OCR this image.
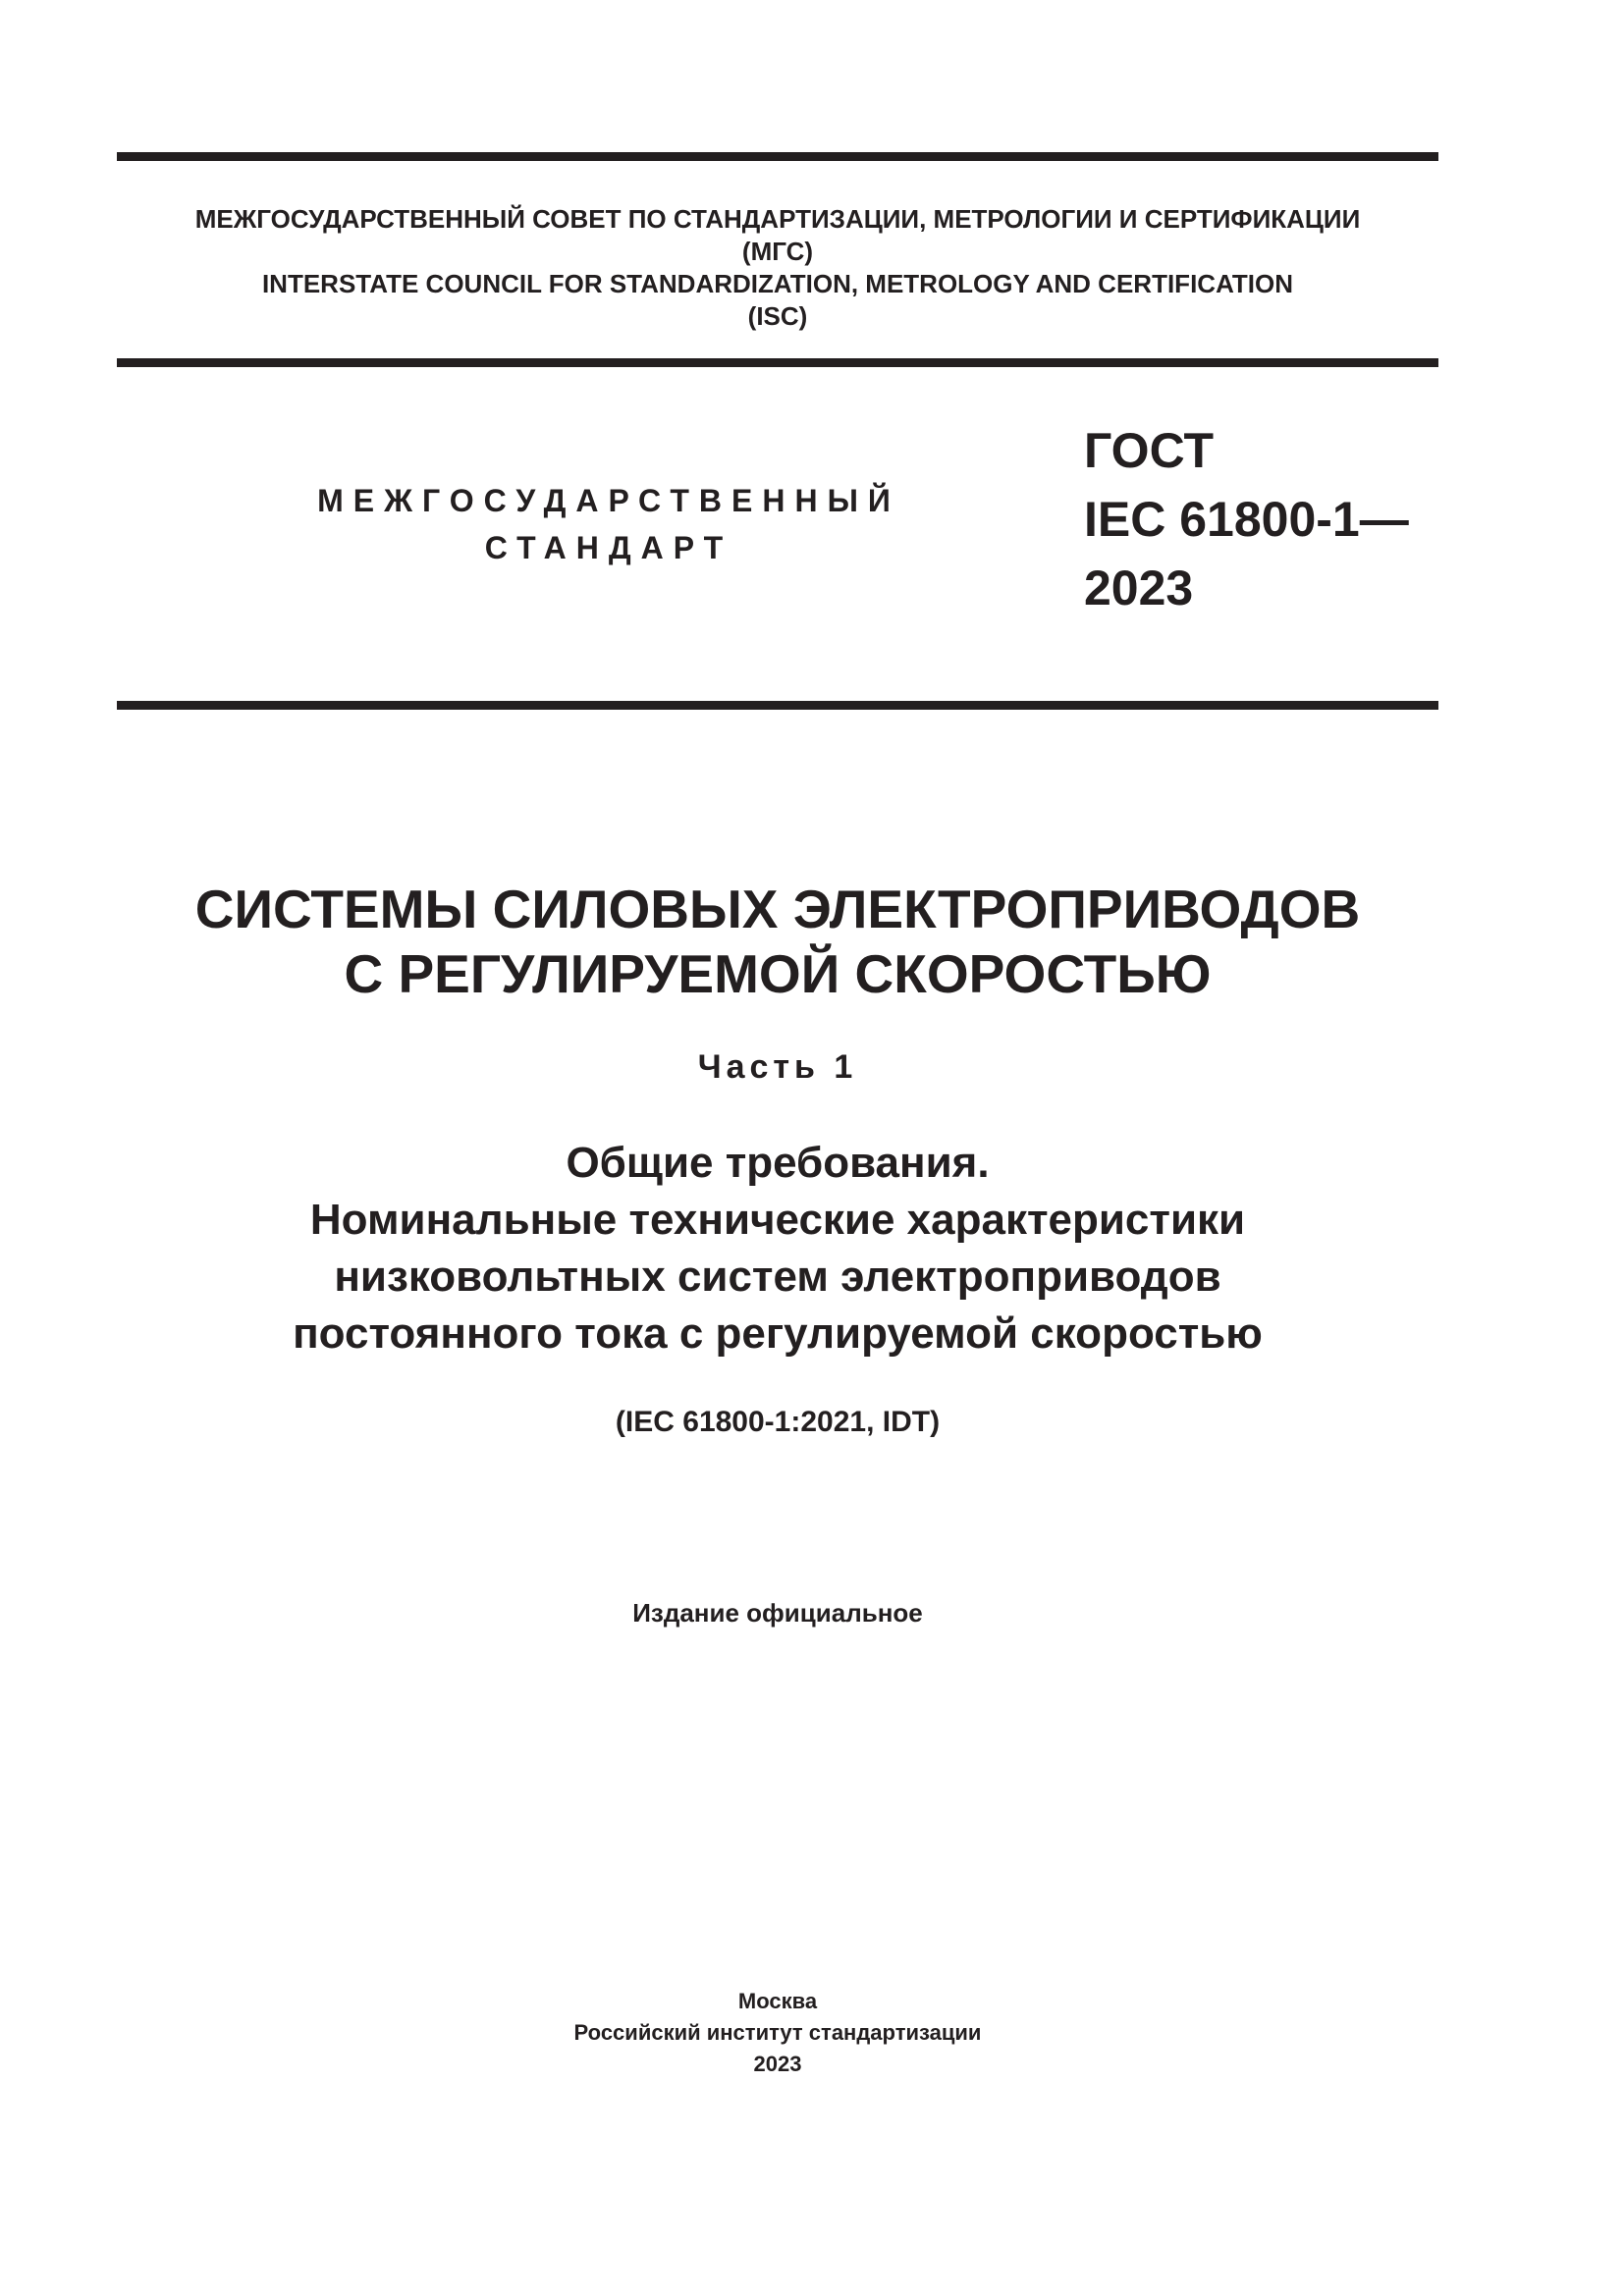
МЕЖГОСУДАРСТВЕННЫЙ СОВЕТ ПО СТАНДАРТИЗАЦИИ, МЕТРОЛОГИИ И СЕРТИФИКАЦИИ
(МГС)
INTERSTATE COUNCIL FOR STANDARDIZATION, METROLOGY AND CERTIFICATION
(ISC)
МЕЖГОСУДАРСТВЕННЫЙ
СТАНДАРТ
ГОСТ
IEC 61800-1—
2023
СИСТЕМЫ СИЛОВЫХ ЭЛЕКТРОПРИВОДОВ
С РЕГУЛИРУЕМОЙ СКОРОСТЬЮ
Часть 1
Общие требования.
Номинальные технические характеристики
низковольтных систем электроприводов
постоянного тока с регулируемой скоростью
(IEC 61800-1:2021, IDT)
Издание официальное
Москва
Российский институт стандартизации
2023
